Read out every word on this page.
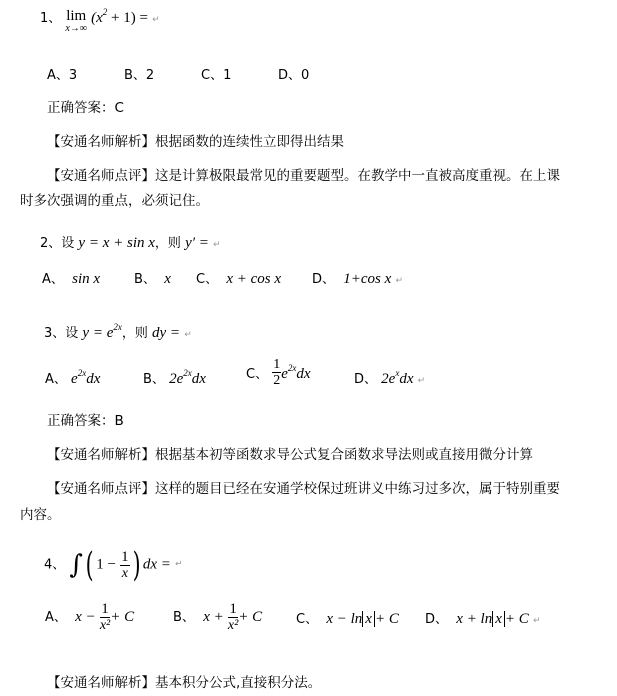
1、 lim
x→∞
$(x^2 + 1) = ^↵$
A、3	B、2	C、1	D、0
正确答案：C
【安通名师解析】根据函数的连续性立即得出结果
【安通名师点评】这是计算极限最常见的重要题型。在教学中一直被高度重视。在上课
时多次强调的重点，必须记住。
2、设 y = x + sin x，则 y′ = ↵
A、 sin x	B、 x C、 x + cos x D、 1+cos x ↵
3、设 $y = e^{2x}$，则 dy = ↵
A、 $e^{2x}dx$	B、 $2e^{2x}dx$	C、 $\frac{1}{2} e^{2x}dx$	D、 $2e^xdx$ ↵
正确答案：B
【安通名师解析】根据基本初等函数求导公式复合函数求导法则或直接用微分计算
【安通名师点评】这样的题目已经在安通学校保过班讲义中练习过多次，属于特别重要
内容。
4、 ∫( $1 - \frac{1}{x}$ ) dx = ↵
A、 $x - \frac{1}{\text{x²}} + C$	B、 $x + \frac{1}{\text{x²}} + C$	C、 x − ln x + C D、 x + ln x + C ↵
【安通名师解析】基本积分公式,直接积分法。
